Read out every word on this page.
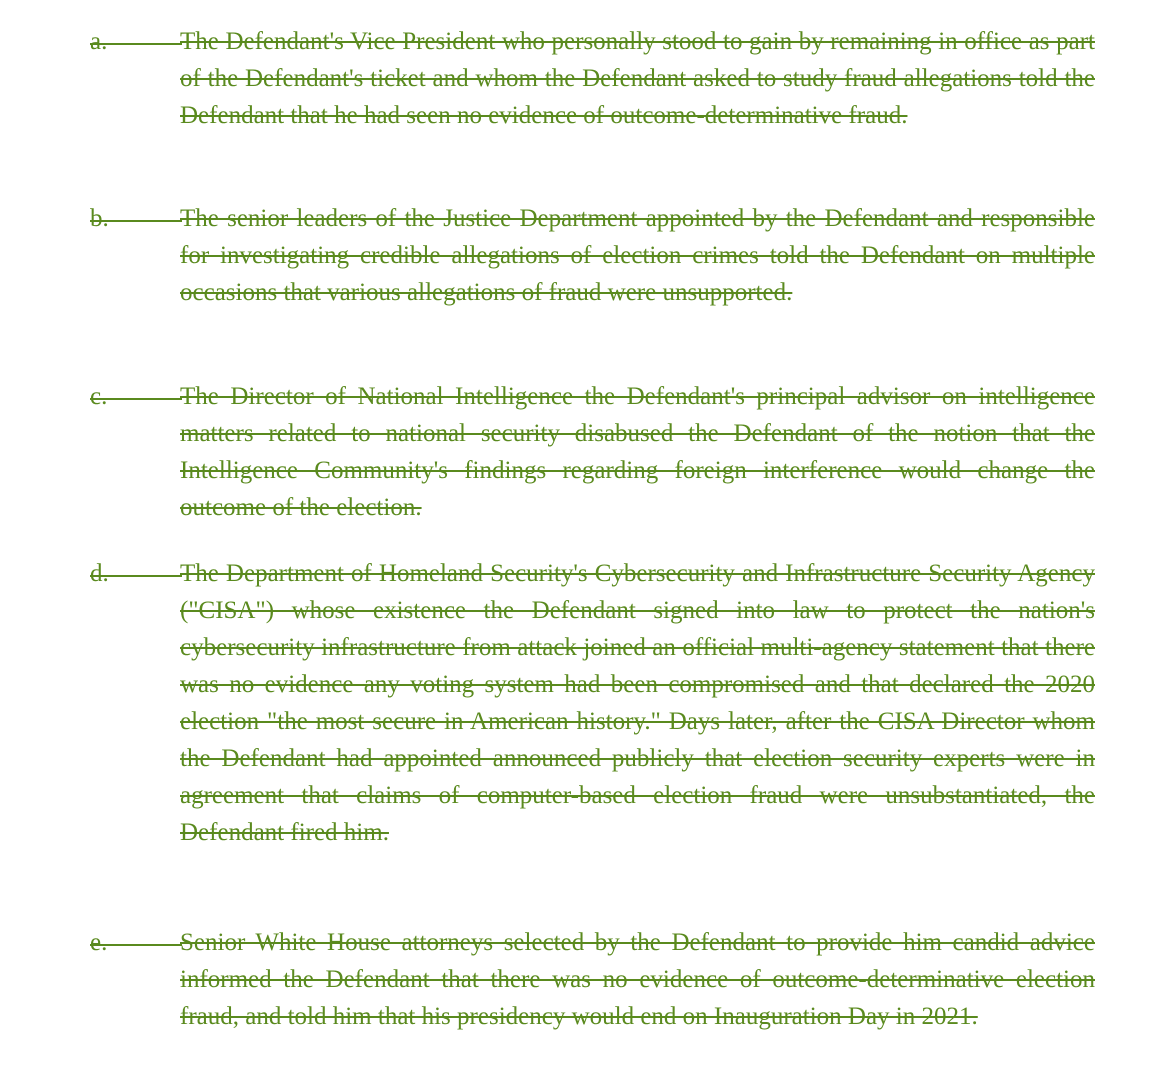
a.	The Defendant's Vice President who personally stood to gain by remaining in office as part of the Defendant's ticket and whom the Defendant asked to study fraud allegations told the Defendant that he had seen no evidence of outcome-determinative fraud.

b.	The senior leaders of the Justice Department appointed by the Defendant and responsible for investigating credible allegations of election crimes told the Defendant on multiple occasions that various allegations of fraud were unsupported.

c.	The Director of National Intelligence the Defendant's principal advisor on intelligence matters related to national security disabused the Defendant of the notion that the Intelligence Community's findings regarding foreign interference would change the outcome of the election.

d.	The Department of Homeland Security's Cybersecurity and Infrastructure Security Agency ("CISA") whose existence the Defendant signed into law to protect the nation's cybersecurity infrastructure from attack joined an official multi-agency statement that there was no evidence any voting system had been compromised and that declared the 2020 election "the most secure in American history." Days later, after the CISA Director whom the Defendant had appointed announced publicly that election security experts were in agreement that claims of computer-based election fraud were unsubstantiated, the Defendant fired him.

e.	Senior White House attorneys selected by the Defendant to provide him candid advice informed the Defendant that there was no evidence of outcome-determinative election fraud, and told him that his presidency would end on Inauguration Day in 2021.
